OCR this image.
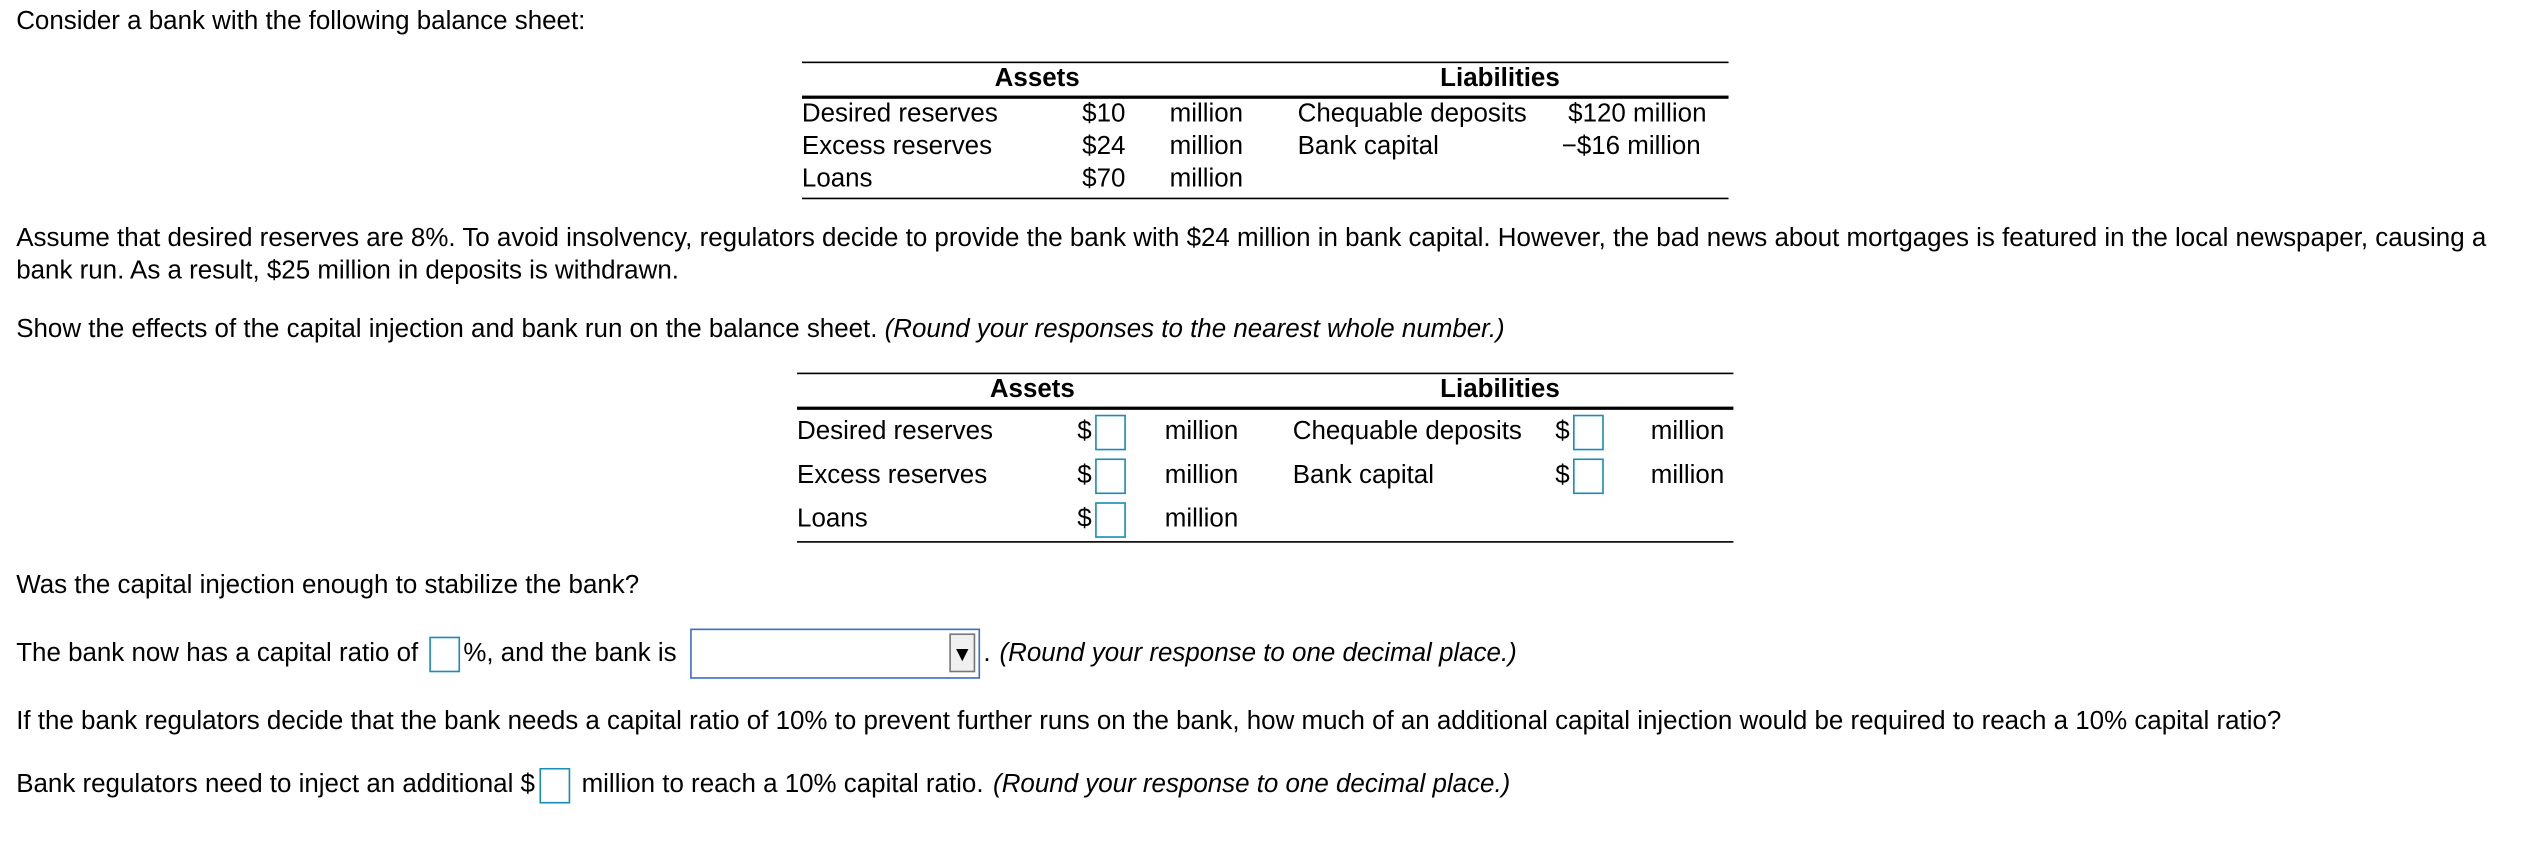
Consider a bank with the following balance sheet:
Assets	Liabilities
Desired reserves	$10	million	Chequable deposits	$120 million
Excess reserves	$24	million	Bank capital	−$16 million
Loans	$70	million
Assume that desired reserves are 8%. To avoid insolvency, regulators decide to provide the bank with $24 million in bank capital. However, the bad news about mortgages is featured in the local newspaper, causing a
bank run. As a result, $25 million in deposits is withdrawn.
Show the effects of the capital injection and bank run on the balance sheet. (Round your responses to the nearest whole number.)
Assets	Liabilities
Desired reserves	$	million	Chequable deposits $	million
Excess reserves	$	million	Bank capital	$	million
Loans	$	million
Was the capital injection enough to stabilize the bank?
The bank now has a capital ratio of	%, and the bank is	▼ . (Round your response to one decimal place.)
If the bank regulators decide that the bank needs a capital ratio of 10% to prevent further runs on the bank, how much of an additional capital injection would be required to reach a 10% capital ratio?
Bank regulators need to inject an additional $	million to reach a 10% capital ratio. (Round your response to one decimal place.)
